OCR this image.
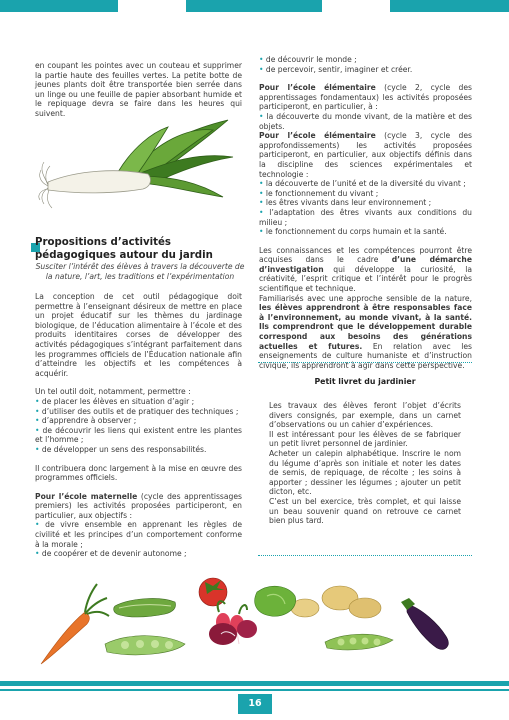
en coupant les pointes avec un couteau et supprimer la partie haute des feuilles vertes. La petite botte de jeunes plants doit être transportée bien serrée dans un linge ou une feuille de papier absorbant humide et le repiquage devra se faire dans les heures qui suivent.

Propositions d’activités pédagogiques autour du jardin
Susciter l’intérêt des élèves à travers la découverte de la nature, l’art, les traditions et l’expérimentation

La conception de cet outil pédagogique doit permettre à l’enseignant désireux de mettre en place un projet éducatif sur les thèmes du jardinage biologique, de l’éducation alimentaire à l’école et des produits identitaires corses de développer des activités pédagogiques s’intégrant parfaitement dans les programmes officiels de l’Éducation nationale afin d’atteindre les objectifs et les compétences à acquérir.

Un tel outil doit, notamment, permettre :
• de placer les élèves en situation d’agir ;
• d’utiliser des outils et de pratiquer des techniques ;
• d’apprendre à observer ;
• de découvrir les liens qui existent entre les plantes et l’homme ;
• de développer un sens des responsabilités.

Il contribuera donc largement à la mise en œuvre des programmes officiels.

Pour l’école maternelle (cycle des apprentissages premiers) les activités proposées participeront, en particulier, aux objectifs :
• de vivre ensemble en apprenant les règles de civilité et les principes d’un comportement conforme à la morale ;
• de coopérer et de devenir autonome ;
• de découvrir le monde ;
• de percevoir, sentir, imaginer et créer.
Pour l’école élémentaire (cycle 2, cycle des apprentissages fondamentaux) les activités proposées participeront, en particulier, à :
• la découverte du monde vivant, de la matière et des objets.
Pour l’école élémentaire (cycle 3, cycle des approfondissements) les activités proposées participeront, en particulier, aux objectifs définis dans la discipline des sciences expérimentales et technologie :
• la découverte de l’unité et de la diversité du vivant ;
• le fonctionnement du vivant ;
• les êtres vivants dans leur environnement ;
• l’adaptation des êtres vivants aux conditions du milieu ;
• le fonctionnement du corps humain et la santé.
Les connaissances et les compétences pourront être acquises dans le cadre d’une démarche d’investigation qui développe la curiosité, la créativité, l’esprit critique et l’intérêt pour le progrès scientifique et technique.
Familiarisés avec une approche sensible de la nature, les élèves apprendront à être responsables face à l’environnement, au monde vivant, à la santé. Ils comprendront que le développement durable correspond aux besoins des générations actuelles et futures. En relation avec les enseignements de culture humaniste et d’instruction civique, ils apprendront à agir dans cette perspective.
Petit livret du jardinier

Les travaux des élèves feront l’objet d’écrits divers consignés, par exemple, dans un carnet d’observations ou un cahier d’expériences.

Il est intéressant pour les élèves de se fabriquer un petit livret personnel de jardinier.

Acheter un calepin alphabétique. Inscrire le nom du légume d’après son initiale et noter les dates de semis, de repiquage, de récolte ; les soins à apporter ; dessiner les légumes ; ajouter un petit dicton, etc.

C’est un bel exercice, très complet, et qui laisse un beau souvenir quand on retrouve ce carnet bien plus tard.

16
